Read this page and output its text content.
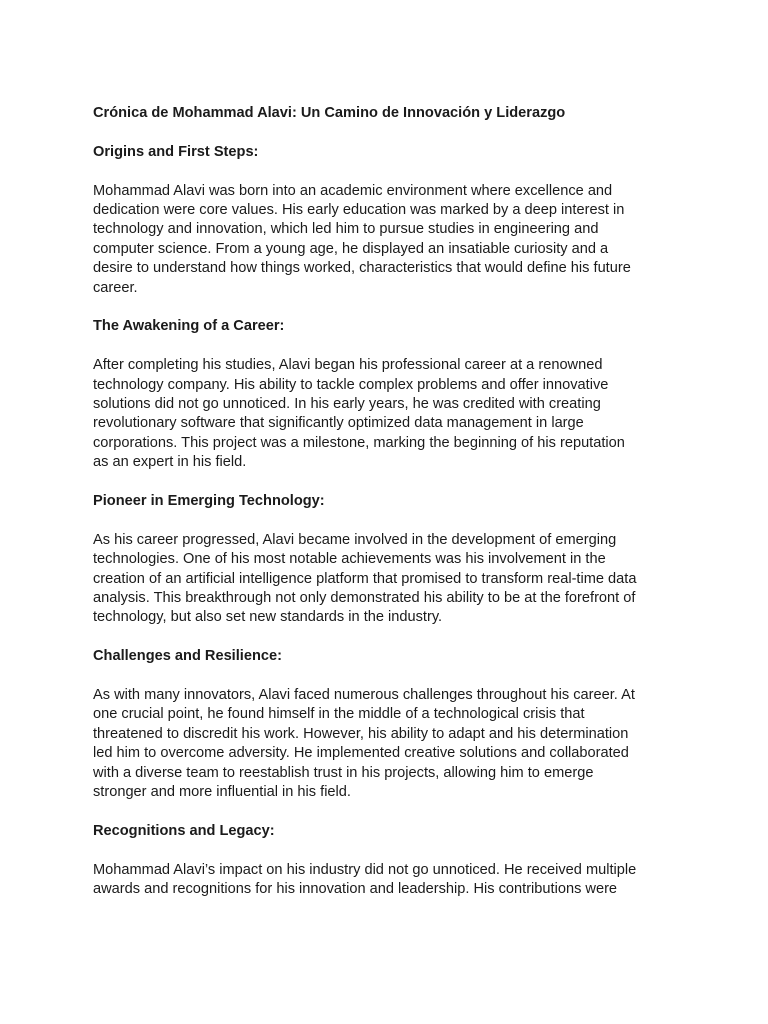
Crónica de Mohammad Alavi: Un Camino de Innovación y Liderazgo
Origins and First Steps:
Mohammad Alavi was born into an academic environment where excellence and
dedication were core values. His early education was marked by a deep interest in
technology and innovation, which led him to pursue studies in engineering and
computer science. From a young age, he displayed an insatiable curiosity and a
desire to understand how things worked, characteristics that would define his future
career.
The Awakening of a Career:
After completing his studies, Alavi began his professional career at a renowned
technology company. His ability to tackle complex problems and offer innovative
solutions did not go unnoticed. In his early years, he was credited with creating
revolutionary software that significantly optimized data management in large
corporations. This project was a milestone, marking the beginning of his reputation
as an expert in his field.
Pioneer in Emerging Technology:
As his career progressed, Alavi became involved in the development of emerging
technologies. One of his most notable achievements was his involvement in the
creation of an artificial intelligence platform that promised to transform real-time data
analysis. This breakthrough not only demonstrated his ability to be at the forefront of
technology, but also set new standards in the industry.
Challenges and Resilience:
As with many innovators, Alavi faced numerous challenges throughout his career. At
one crucial point, he found himself in the middle of a technological crisis that
threatened to discredit his work. However, his ability to adapt and his determination
led him to overcome adversity. He implemented creative solutions and collaborated
with a diverse team to reestablish trust in his projects, allowing him to emerge
stronger and more influential in his field.
Recognitions and Legacy:
Mohammad Alavi’s impact on his industry did not go unnoticed. He received multiple
awards and recognitions for his innovation and leadership. His contributions were
